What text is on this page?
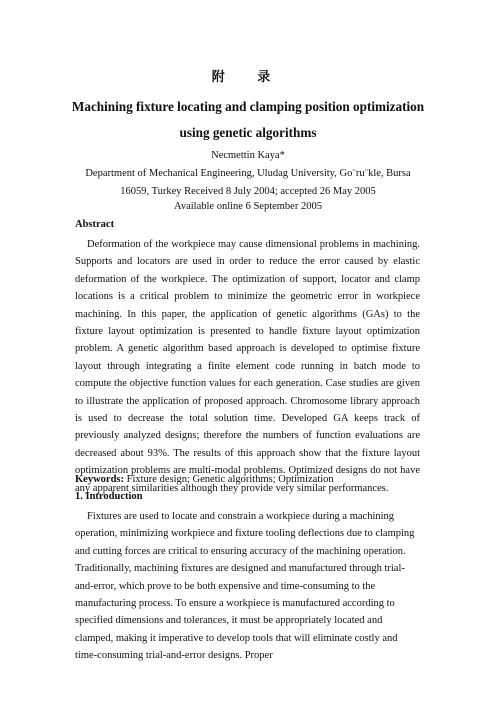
附 录
Machining fixture locating and clamping position optimization using genetic algorithms
Necmettin Kaya*
Department of Mechanical Engineering, Uludag University, Go¨ru¨kle, Bursa 16059, Turkey Received 8 July 2004; accepted 26 May 2005
Available online 6 September 2005
Abstract
Deformation of the workpiece may cause dimensional problems in machining. Supports and locators are used in order to reduce the error caused by elastic deformation of the workpiece. The optimization of support, locator and clamp locations is a critical problem to minimize the geometric error in workpiece machining. In this paper, the application of genetic algorithms (GAs) to the fixture layout optimization is presented to handle fixture layout optimization problem. A genetic algorithm based approach is developed to optimise fixture layout through integrating a finite element code running in batch mode to compute the objective function values for each generation. Case studies are given to illustrate the application of proposed approach. Chromosome library approach is used to decrease the total solution time. Developed GA keeps track of previously analyzed designs; therefore the numbers of function evaluations are decreased about 93%. The results of this approach show that the fixture layout optimization problems are multi-modal problems. Optimized designs do not have any apparent similarities although they provide very similar performances.
Keywords: Fixture design; Genetic algorithms; Optimization
1. Introduction
Fixtures are used to locate and constrain a workpiece during a machining operation, minimizing workpiece and fixture tooling deflections due to clamping and cutting forces are critical to ensuring accuracy of the machining operation. Traditionally, machining fixtures are designed and manufactured through trial-and-error, which prove to be both expensive and time-consuming to the manufacturing process. To ensure a workpiece is manufactured according to specified dimensions and tolerances, it must be appropriately located and clamped, making it imperative to develop tools that will eliminate costly and time-consuming trial-and-error designs. Proper
